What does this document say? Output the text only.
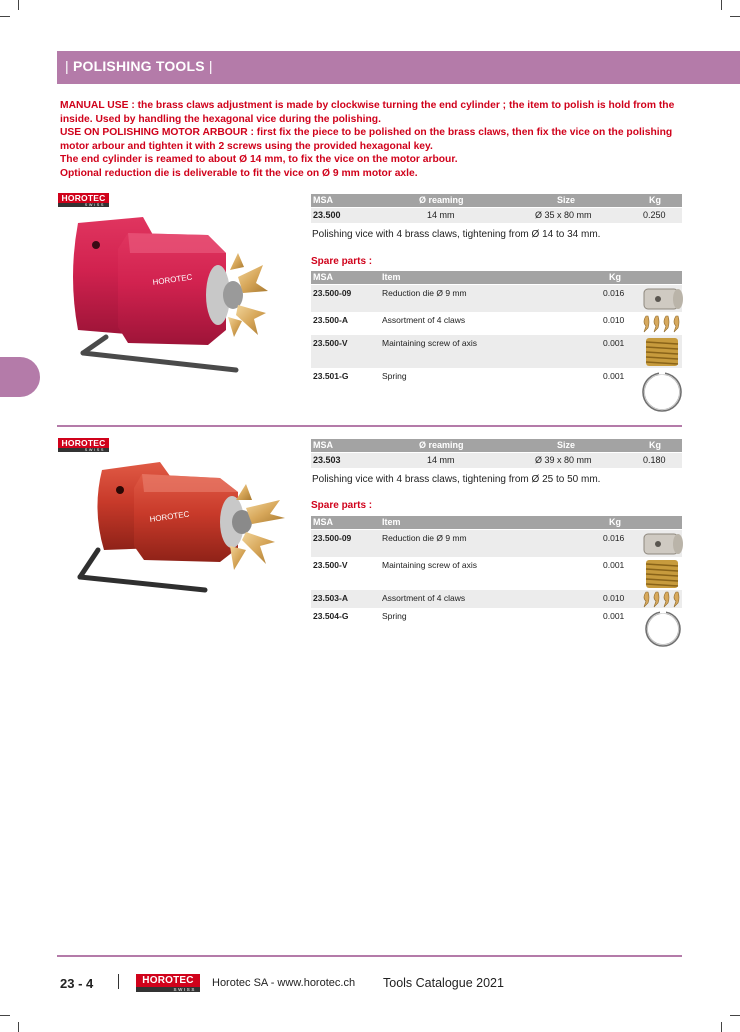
| POLISHING TOOLS |

MANUAL USE : the brass claws adjustment is made by clockwise turning the end cylinder ; the item to polish is hold from the inside. Used by handling the hexagonal vice during the polishing.

USE ON POLISHING MOTOR ARBOUR : first fix the piece to be polished on the brass claws, then fix the vice on the polishing motor arbour and tighten it with 2 screws using the provided hexagonal key.

The end cylinder is reamed to about Ø 14 mm, to fix the vice on the motor arbour.

Optional reduction die is deliverable to fit the vice on Ø 9 mm motor axle.

HOROTEC
SWISS
HOROTEC
MSA	Ø reaming	Size	Kg
23.500	14 mm	Ø 35 x 80 mm	0.250
Polishing vice with 4 brass claws, tightening from Ø 14 to 34 mm.
Spare parts :
MSA	Item	Kg
23.500-09	Reduction die Ø 9 mm	0.016
23.500-A	Assortment of 4 claws	0.010
23.500-V	Maintaining screw of axis	0.001
23.501-G	Spring	0.001
HOROTEC
SWISS
HOROTEC
MSA	Ø reaming	Size	Kg
23.503	14 mm	Ø 39 x 80 mm	0.180
Polishing vice with 4 brass claws, tightening from Ø 25 to 50 mm.
Spare parts :
MSA	Item	Kg
23.500-09	Reduction die Ø 9 mm	0.016
23.500-V	Maintaining screw of axis	0.001
23.503-A	Assortment of 4 claws	0.010
23.504-G	Spring	0.001
23 - 4	HOROTEC
SWISS
Horotec SA - www.horotec.ch Tools Catalogue 2021
